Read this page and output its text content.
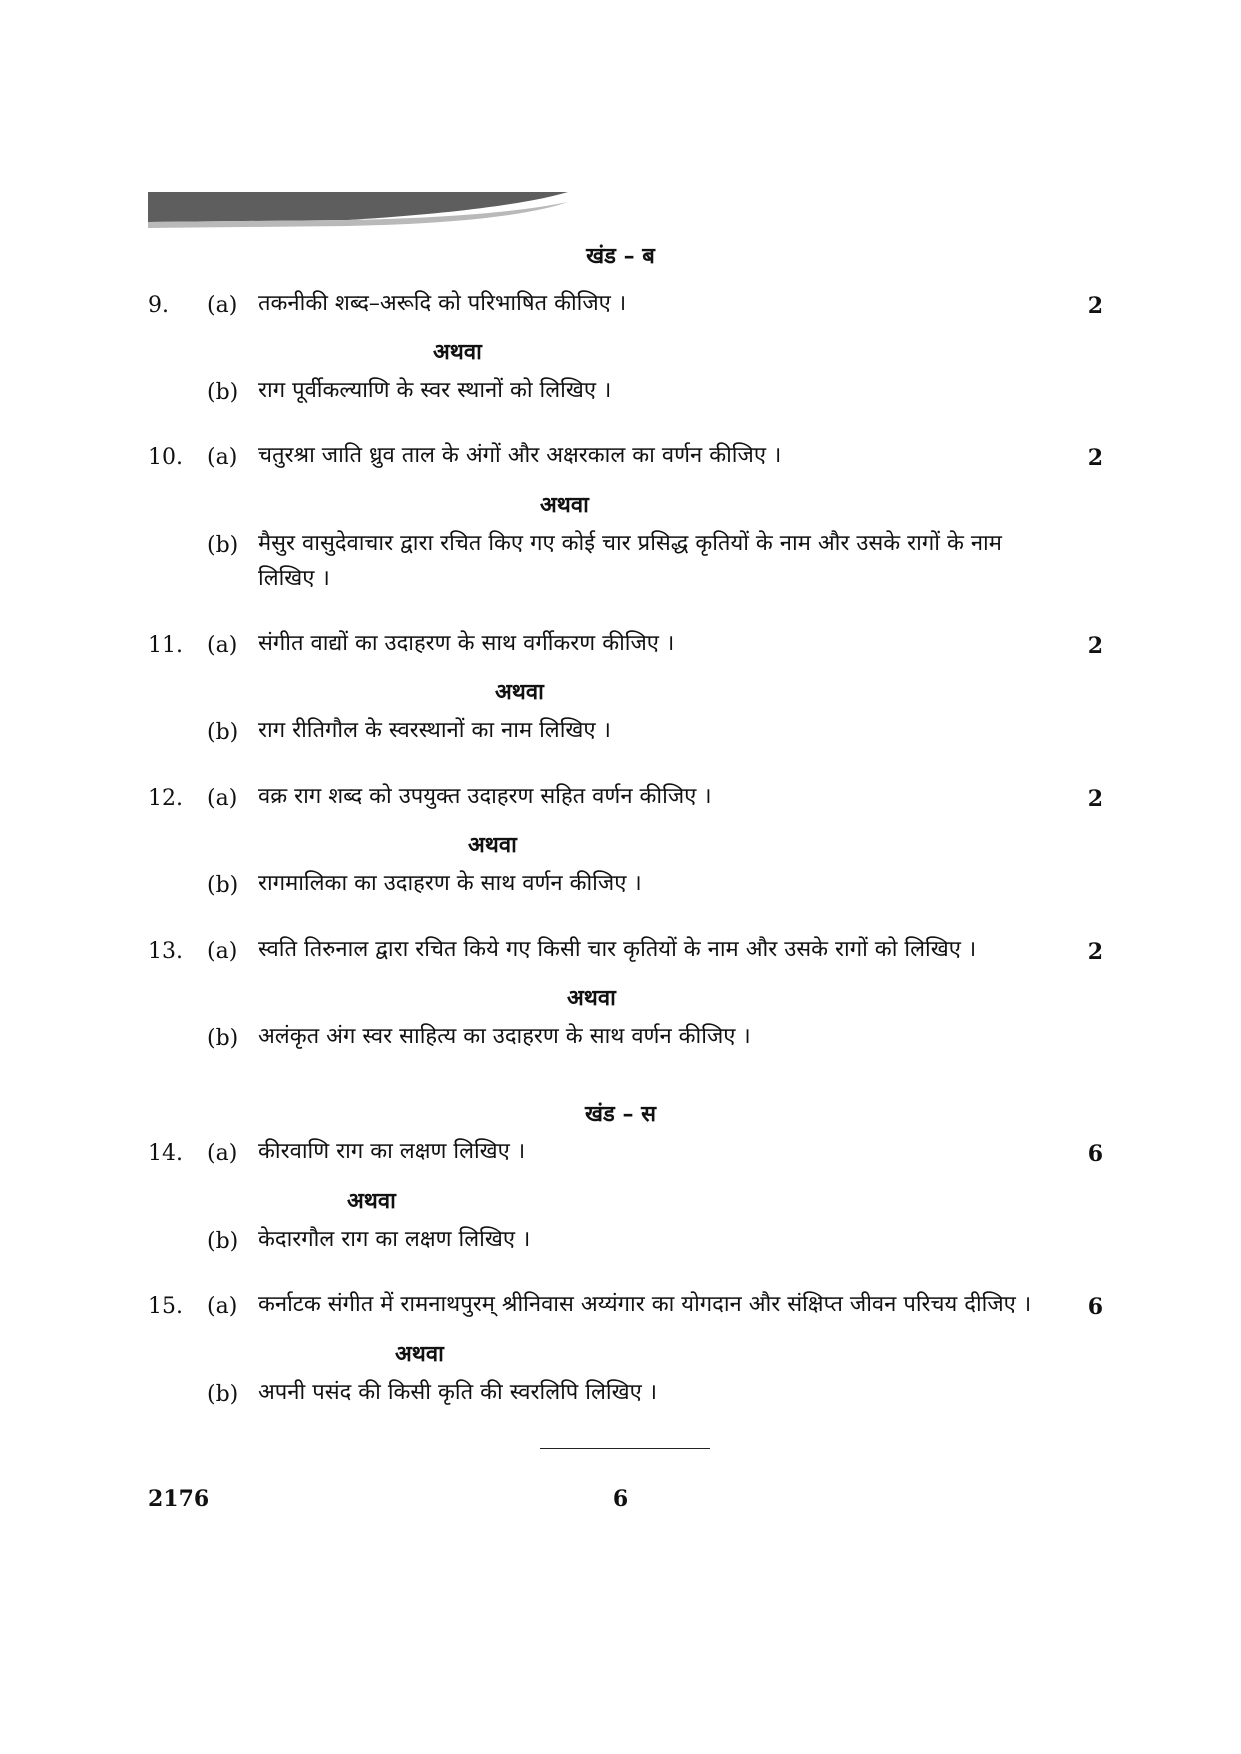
खंड – ब
9. (a) तकनीकी शब्द–अरूदि को परिभाषित कीजिए ।	2
अथवा
(b) राग पूर्वीकल्याणि के स्वर स्थानों को लिखिए ।
10. (a) चतुरश्रा जाति ध्रुव ताल के अंगों और अक्षरकाल का वर्णन कीजिए ।	2
अथवा
(b) मैसुर वासुदेवाचार द्वारा रचित किए गए कोई चार प्रसिद्ध कृतियों के नाम और उसके रागों के नाम
लिखिए ।
11. (a) संगीत वाद्यों का उदाहरण के साथ वर्गीकरण कीजिए ।	2
अथवा
(b) राग रीतिगौल के स्वरस्थानों का नाम लिखिए ।
12. (a) वक्र राग शब्द को उपयुक्त उदाहरण सहित वर्णन कीजिए ।	2
अथवा
(b) रागमालिका का उदाहरण के साथ वर्णन कीजिए ।
13. (a) स्वति तिरुनाल द्वारा रचित किये गए किसी चार कृतियों के नाम और उसके रागों को लिखिए ।	2
अथवा
(b) अलंकृत अंग स्वर साहित्य का उदाहरण के साथ वर्णन कीजिए ।
खंड – स
14. (a) कीरवाणि राग का लक्षण लिखिए ।	6
अथवा
(b) केदारगौल राग का लक्षण लिखिए ।
15. (a) कर्नाटक संगीत में रामनाथपुरम् श्रीनिवास अय्यंगार का योगदान और संक्षिप्त जीवन परिचय दीजिए ।	6
अथवा
(b) अपनी पसंद की किसी कृति की स्वरलिपि लिखिए ।
2176	6
